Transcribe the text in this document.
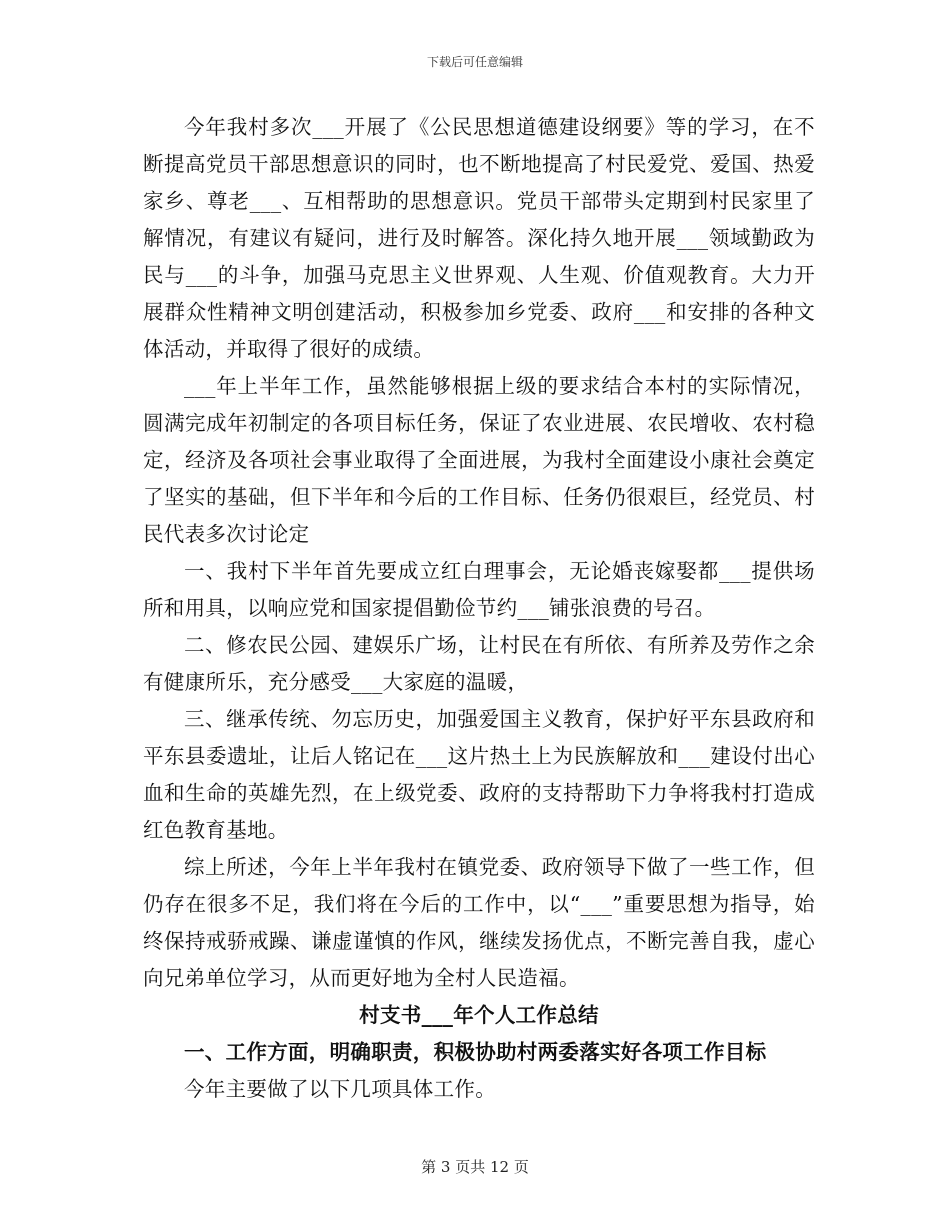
下载后可任意编辑

今年我村多次___开展了《公民思想道德建设纲要》等的学习，在不断提高党员干部思想意识的同时，也不断地提高了村民爱党、爱国、热爱家乡、尊老___、互相帮助的思想意识。党员干部带头定期到村民家里了解情况，有建议有疑问，进行及时解答。深化持久地开展___领域勤政为民与___的斗争，加强马克思主义世界观、人生观、价值观教育。大力开展群众性精神文明创建活动，积极参加乡党委、政府___和安排的各种文体活动，并取得了很好的成绩。

___年上半年工作，虽然能够根据上级的要求结合本村的实际情况，圆满完成年初制定的各项目标任务，保证了农业进展、农民增收、农村稳定，经济及各项社会事业取得了全面进展，为我村全面建设小康社会奠定了坚实的基础，但下半年和今后的工作目标、任务仍很艰巨，经党员、村民代表多次讨论定

一、我村下半年首先要成立红白理事会，无论婚丧嫁娶都___提供场所和用具，以响应党和国家提倡勤俭节约___铺张浪费的号召。

二、修农民公园、建娱乐广场，让村民在有所依、有所养及劳作之余有健康所乐，充分感受___大家庭的温暖，

三、继承传统、勿忘历史，加强爱国主义教育，保护好平东县政府和平东县委遗址，让后人铭记在___这片热土上为民族解放和___建设付出心血和生命的英雄先烈，在上级党委、政府的支持帮助下力争将我村打造成红色教育基地。

综上所述，今年上半年我村在镇党委、政府领导下做了一些工作，但仍存在很多不足，我们将在今后的工作中，以“___”重要思想为指导，始终保持戒骄戒躁、谦虚谨慎的作风，继续发扬优点，不断完善自我，虚心向兄弟单位学习，从而更好地为全村人民造福。

村支书___年个人工作总结

一、工作方面，明确职责，积极协助村两委落实好各项工作目标

今年主要做了以下几项具体工作。

第 3 页共 12 页
